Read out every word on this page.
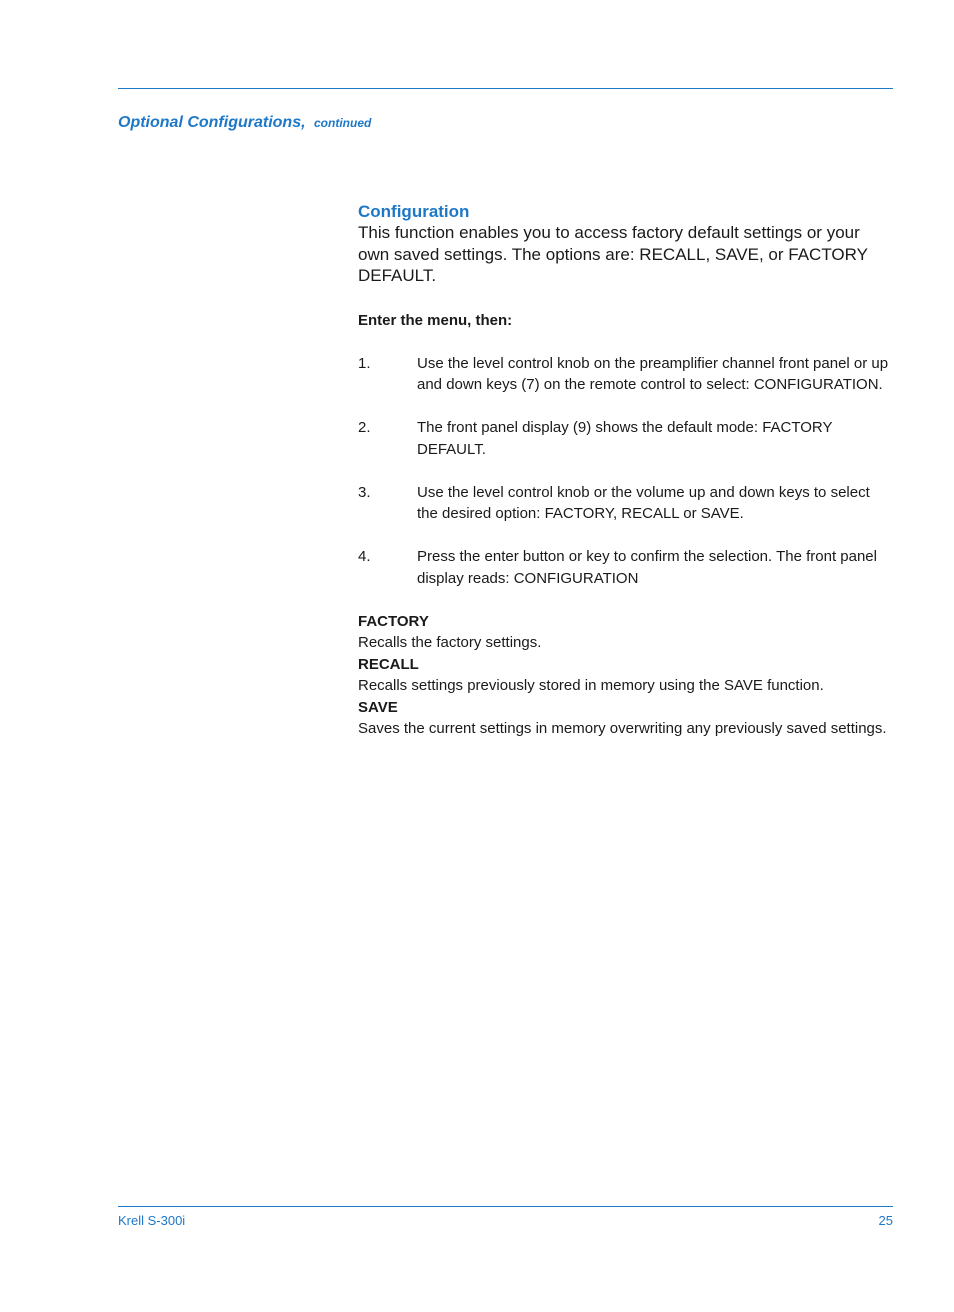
Optional Configurations, continued
Configuration

This function enables you to access factory default settings or your own saved settings. The options are: RECALL, SAVE, or FACTORY DEFAULT.

Enter the menu, then:
1.	Use the level control knob on the preamplifier channel front panel or up and down keys (7) on the remote control to select: CONFIGURATION.
2.	The front panel display (9) shows the default mode: FACTORY DEFAULT.
3.	Use the level control knob or the volume up and down keys to select the desired option: FACTORY, RECALL or SAVE.
4.	Press the enter button or key to confirm the selection. The front panel display reads: CONFIGURATION
FACTORY
Recalls the factory settings.
RECALL
Recalls settings previously stored in memory using the SAVE function.
SAVE
Saves the current settings in memory overwriting any previously saved settings.
Krell S-300i	25
